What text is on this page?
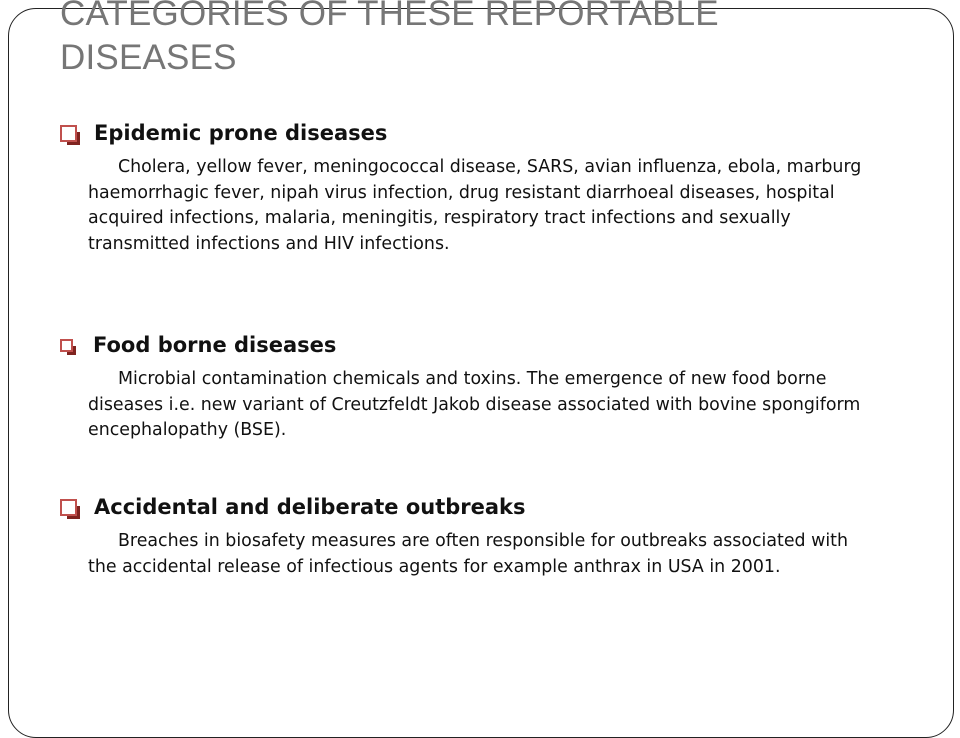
CATEGORIES OF THESE REPORTABLE DISEASES

Epidemic prone diseases

Cholera, yellow fever, meningococcal disease, SARS, avian influenza, ebola, marburg haemorrhagic fever, nipah virus infection, drug resistant diarrhoeal diseases, hospital acquired infections, malaria, meningitis, respiratory tract infections and sexually transmitted infections and HIV infections.

Food borne diseases

Microbial contamination chemicals and toxins. The emergence of new food borne diseases i.e. new variant of Creutzfeldt Jakob disease associated with bovine spongiform encephalopathy (BSE).

Accidental and deliberate outbreaks

Breaches in biosafety measures are often responsible for outbreaks associated with the accidental release of infectious agents for example anthrax in USA in 2001.
